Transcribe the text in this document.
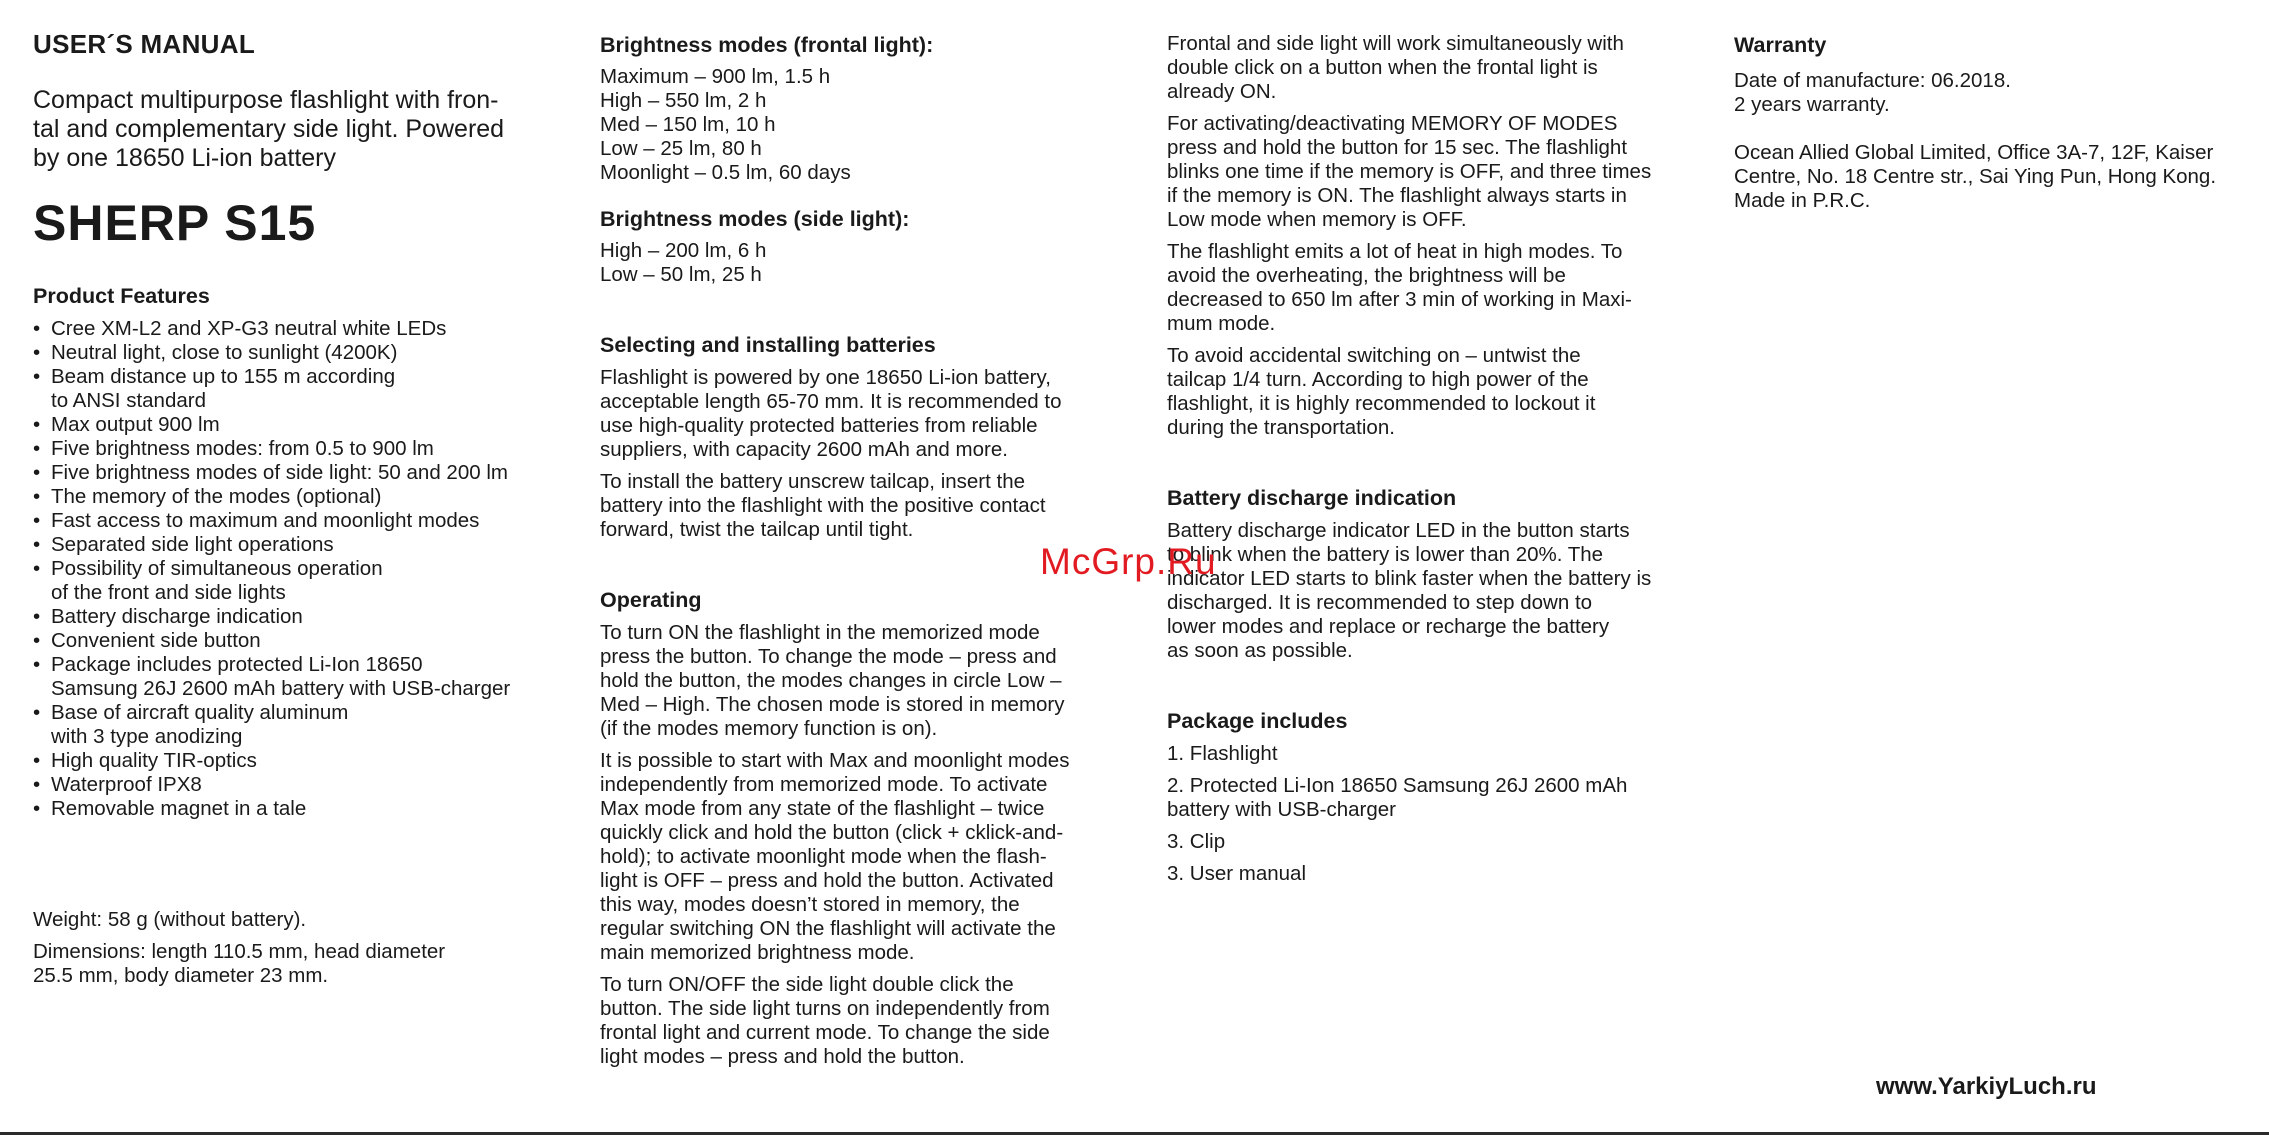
USER´S MANUAL

Compact multipurpose flashlight with fron-
tal and complementary side light. Powered
by one 18650 Li-ion battery

SHERP S15
Product Features
• Cree XM-L2 and XP-G3 neutral white LEDs
• Neutral light, close to sunlight (4200K)
• Beam distance up to 155 m according
to ANSI standard
• Max output 900 lm
• Five brightness modes: from 0.5 to 900 lm
• Five brightness modes of side light: 50 and 200 lm
• The memory of the modes (optional)
• Fast access to maximum and moonlight modes
• Separated side light operations
• Possibility of simultaneous operation
of the front and side lights
• Battery discharge indication
• Convenient side button
• Package includes protected Li-Ion 18650
Samsung 26J 2600 mAh battery with USB-charger
• Base of aircraft quality aluminum
with 3 type anodizing
• High quality TIR-optics
• Waterproof IPX8
• Removable magnet in a tale

Weight: 58 g (without battery).

Dimensions: length 110.5 mm, head diameter
25.5 mm, body diameter 23 mm.

Brightness modes (frontal light):

Maximum – 900 lm, 1.5 h
High – 550 lm, 2 h
Med – 150 lm, 10 h
Low – 25 lm, 80 h
Moonlight – 0.5 lm, 60 days

Brightness modes (side light):

High – 200 lm, 6 h
Low – 50 lm, 25 h

Selecting and installing batteries

Flashlight is powered by one 18650 Li-ion battery,
acceptable length 65-70 mm. It is recommended to
use high-quality protected batteries from reliable
suppliers, with capacity 2600 mAh and more.

To install the battery unscrew tailcap, insert the
battery into the flashlight with the positive contact
forward, twist the tailcap until tight.

Operating

To turn ON the flashlight in the memorized mode
press the button. To change the mode – press and
hold the button, the modes changes in circle Low –
Med – High. The chosen mode is stored in memory
(if the modes memory function is on).

It is possible to start with Max and moonlight modes
independently from memorized mode. To activate
Max mode from any state of the flashlight – twice
quickly click and hold the button (click + cklick-and-
hold); to activate moonlight mode when the flash-
light is OFF – press and hold the button. Activated
this way, modes doesn’t stored in memory, the
regular switching ON the flashlight will activate the
main memorized brightness mode.

To turn ON/OFF the side light double click the
button. The side light turns on independently from
frontal light and current mode. To change the side
light modes – press and hold the button.

Frontal and side light will work simultaneously with
double click on a button when the frontal light is
already ON.

For activating/deactivating MEMORY OF MODES
press and hold the button for 15 sec. The flashlight
blinks one time if the memory is OFF, and three times
if the memory is ON. The flashlight always starts in
Low mode when memory is OFF.

The flashlight emits a lot of heat in high modes. To
avoid the overheating, the brightness will be
decreased to 650 lm after 3 min of working in Maxi-
mum mode.

To avoid accidental switching on – untwist the
tailcap 1/4 turn. According to high power of the
flashlight, it is highly recommended to lockout it
during the transportation.

Battery discharge indication

Battery discharge indicator LED in the button starts
to blink when the battery is lower than 20%. The
indicator LED starts to blink faster when the battery is
discharged. It is recommended to step down to
lower modes and replace or recharge the battery
as soon as possible.

Package includes

1. Flashlight

2. Protected Li-Ion 18650 Samsung 26J 2600 mAh
battery with USB-charger

3. Clip

3. User manual

Warranty

Date of manufacture: 06.2018.
2 years warranty.

Ocean Allied Global Limited, Office 3A-7, 12F, Kaiser
Centre, No. 18 Centre str., Sai Ying Pun, Hong Kong.
Made in P.R.C.

McGrp.Ru
www.YarkiyLuch.ru
